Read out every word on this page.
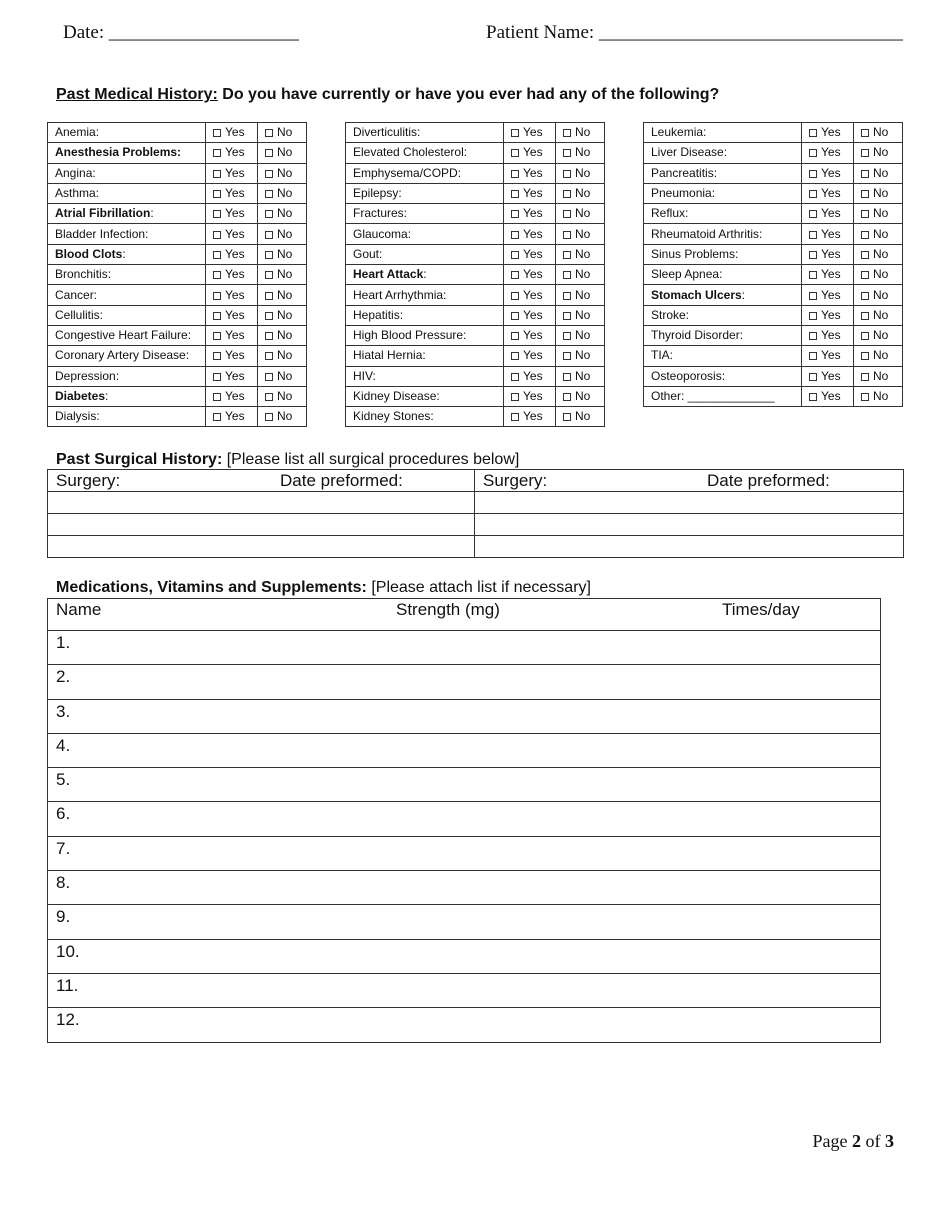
Date: ____________________	Patient Name: ________________________________
Past Medical History: Do you have currently or have you ever had any of the following?
Anemia:	Yes	No
Anesthesia Problems:	Yes	No
Angina:	Yes	No
Asthma:	Yes	No
Atrial Fibrillation:	Yes	No
Bladder Infection:	Yes	No
Blood Clots:	Yes	No
Bronchitis:	Yes	No
Cancer:	Yes	No
Cellulitis:	Yes	No
Congestive Heart Failure:	Yes	No
Coronary Artery Disease:	Yes	No
Depression:	Yes	No
Diabetes:	Yes	No
Dialysis:	Yes	No
Diverticulitis:	Yes	No
Elevated Cholesterol:	Yes	No
Emphysema/COPD:	Yes	No
Epilepsy:	Yes	No
Fractures:	Yes	No
Glaucoma:	Yes	No
Gout:	Yes	No
Heart Attack:	Yes	No
Heart Arrhythmia:	Yes	No
Hepatitis:	Yes	No
High Blood Pressure:	Yes	No
Hiatal Hernia:	Yes	No
HIV:	Yes	No
Kidney Disease:	Yes	No
Kidney Stones:	Yes	No
Leukemia:	Yes	No
Liver Disease:	Yes	No
Pancreatitis:	Yes	No
Pneumonia:	Yes	No
Reflux:	Yes	No
Rheumatoid Arthritis:	Yes	No
Sinus Problems:	Yes	No
Sleep Apnea:	Yes	No
Stomach Ulcers:	Yes	No
Stroke:	Yes	No
Thyroid Disorder:	Yes	No
TIA:	Yes	No
Osteoporosis:	Yes	No
Other: _____________	Yes	No
Past Surgical History: [Please list all surgical procedures below]
Surgery: Date preformed:	Surgery: Date preformed:

Medications, Vitamins and Supplements: [Please attach list if necessary]
Name	Strength (mg)	Times/day

1.
2.
3.
4.
5.
6.
7.
8.
9.
10.
11.
12.
Page 2 of 3
